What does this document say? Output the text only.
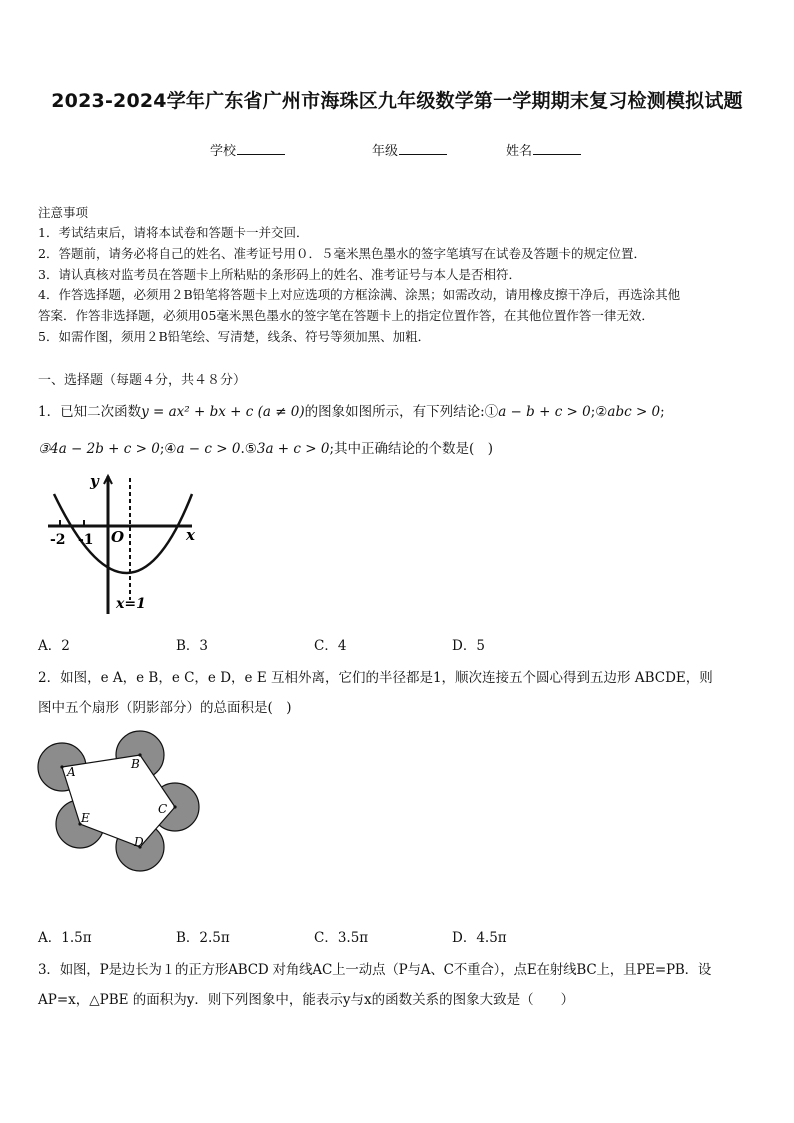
2023-2024学年广东省广州市海珠区九年级数学第一学期期末复习检测模拟试题
学校	年级	姓名
注意事项
1．考试结束后，请将本试卷和答题卡一并交回．
2．答题前，请务必将自己的姓名、准考证号用０．５毫米黑色墨水的签字笔填写在试卷及答题卡的规定位置．
3．请认真核对监考员在答题卡上所粘贴的条形码上的姓名、准考证号与本人是否相符．
4．作答选择题，必须用２B铅笔将答题卡上对应选项的方框涂满、涂黑；如需改动，请用橡皮擦干净后，再选涂其他
答案．作答非选择题，必须用05毫米黑色墨水的签字笔在答题卡上的指定位置作答，在其他位置作答一律无效．
5．如需作图，须用２B铅笔绘、写清楚，线条、符号等须加黑、加粗．
一、选择题（每题４分，共４８分）
1．已知二次函数y = ax² + bx + c (a ≠ 0)的图象如图所示，有下列结论:①a − b + c > 0;②abc > 0;
③4a − 2b + c > 0;④a − c > 0.⑤3a + c > 0;其中正确结论的个数是(　)
y
x
O
-2 -1
x=1
A．2	B．3	C．4	D．5
2．如图，e A，e B，e C，e D，e E 互相外离，它们的半径都是1，顺次连接五个圆心得到五边形 ABCDE，则
图中五个扇形（阴影部分）的总面积是(　)
A
B
C
D
E
A．1.5π	B．2.5π	C．3.5π	D．4.5π
3．如图，P是边长为１的正方形ABCD 对角线AC上一动点（P与A、C不重合），点E在射线BC上，且PE=PB．设
AP=x，△PBE 的面积为y．则下列图象中，能表示y与x的函数关系的图象大致是（　　）
